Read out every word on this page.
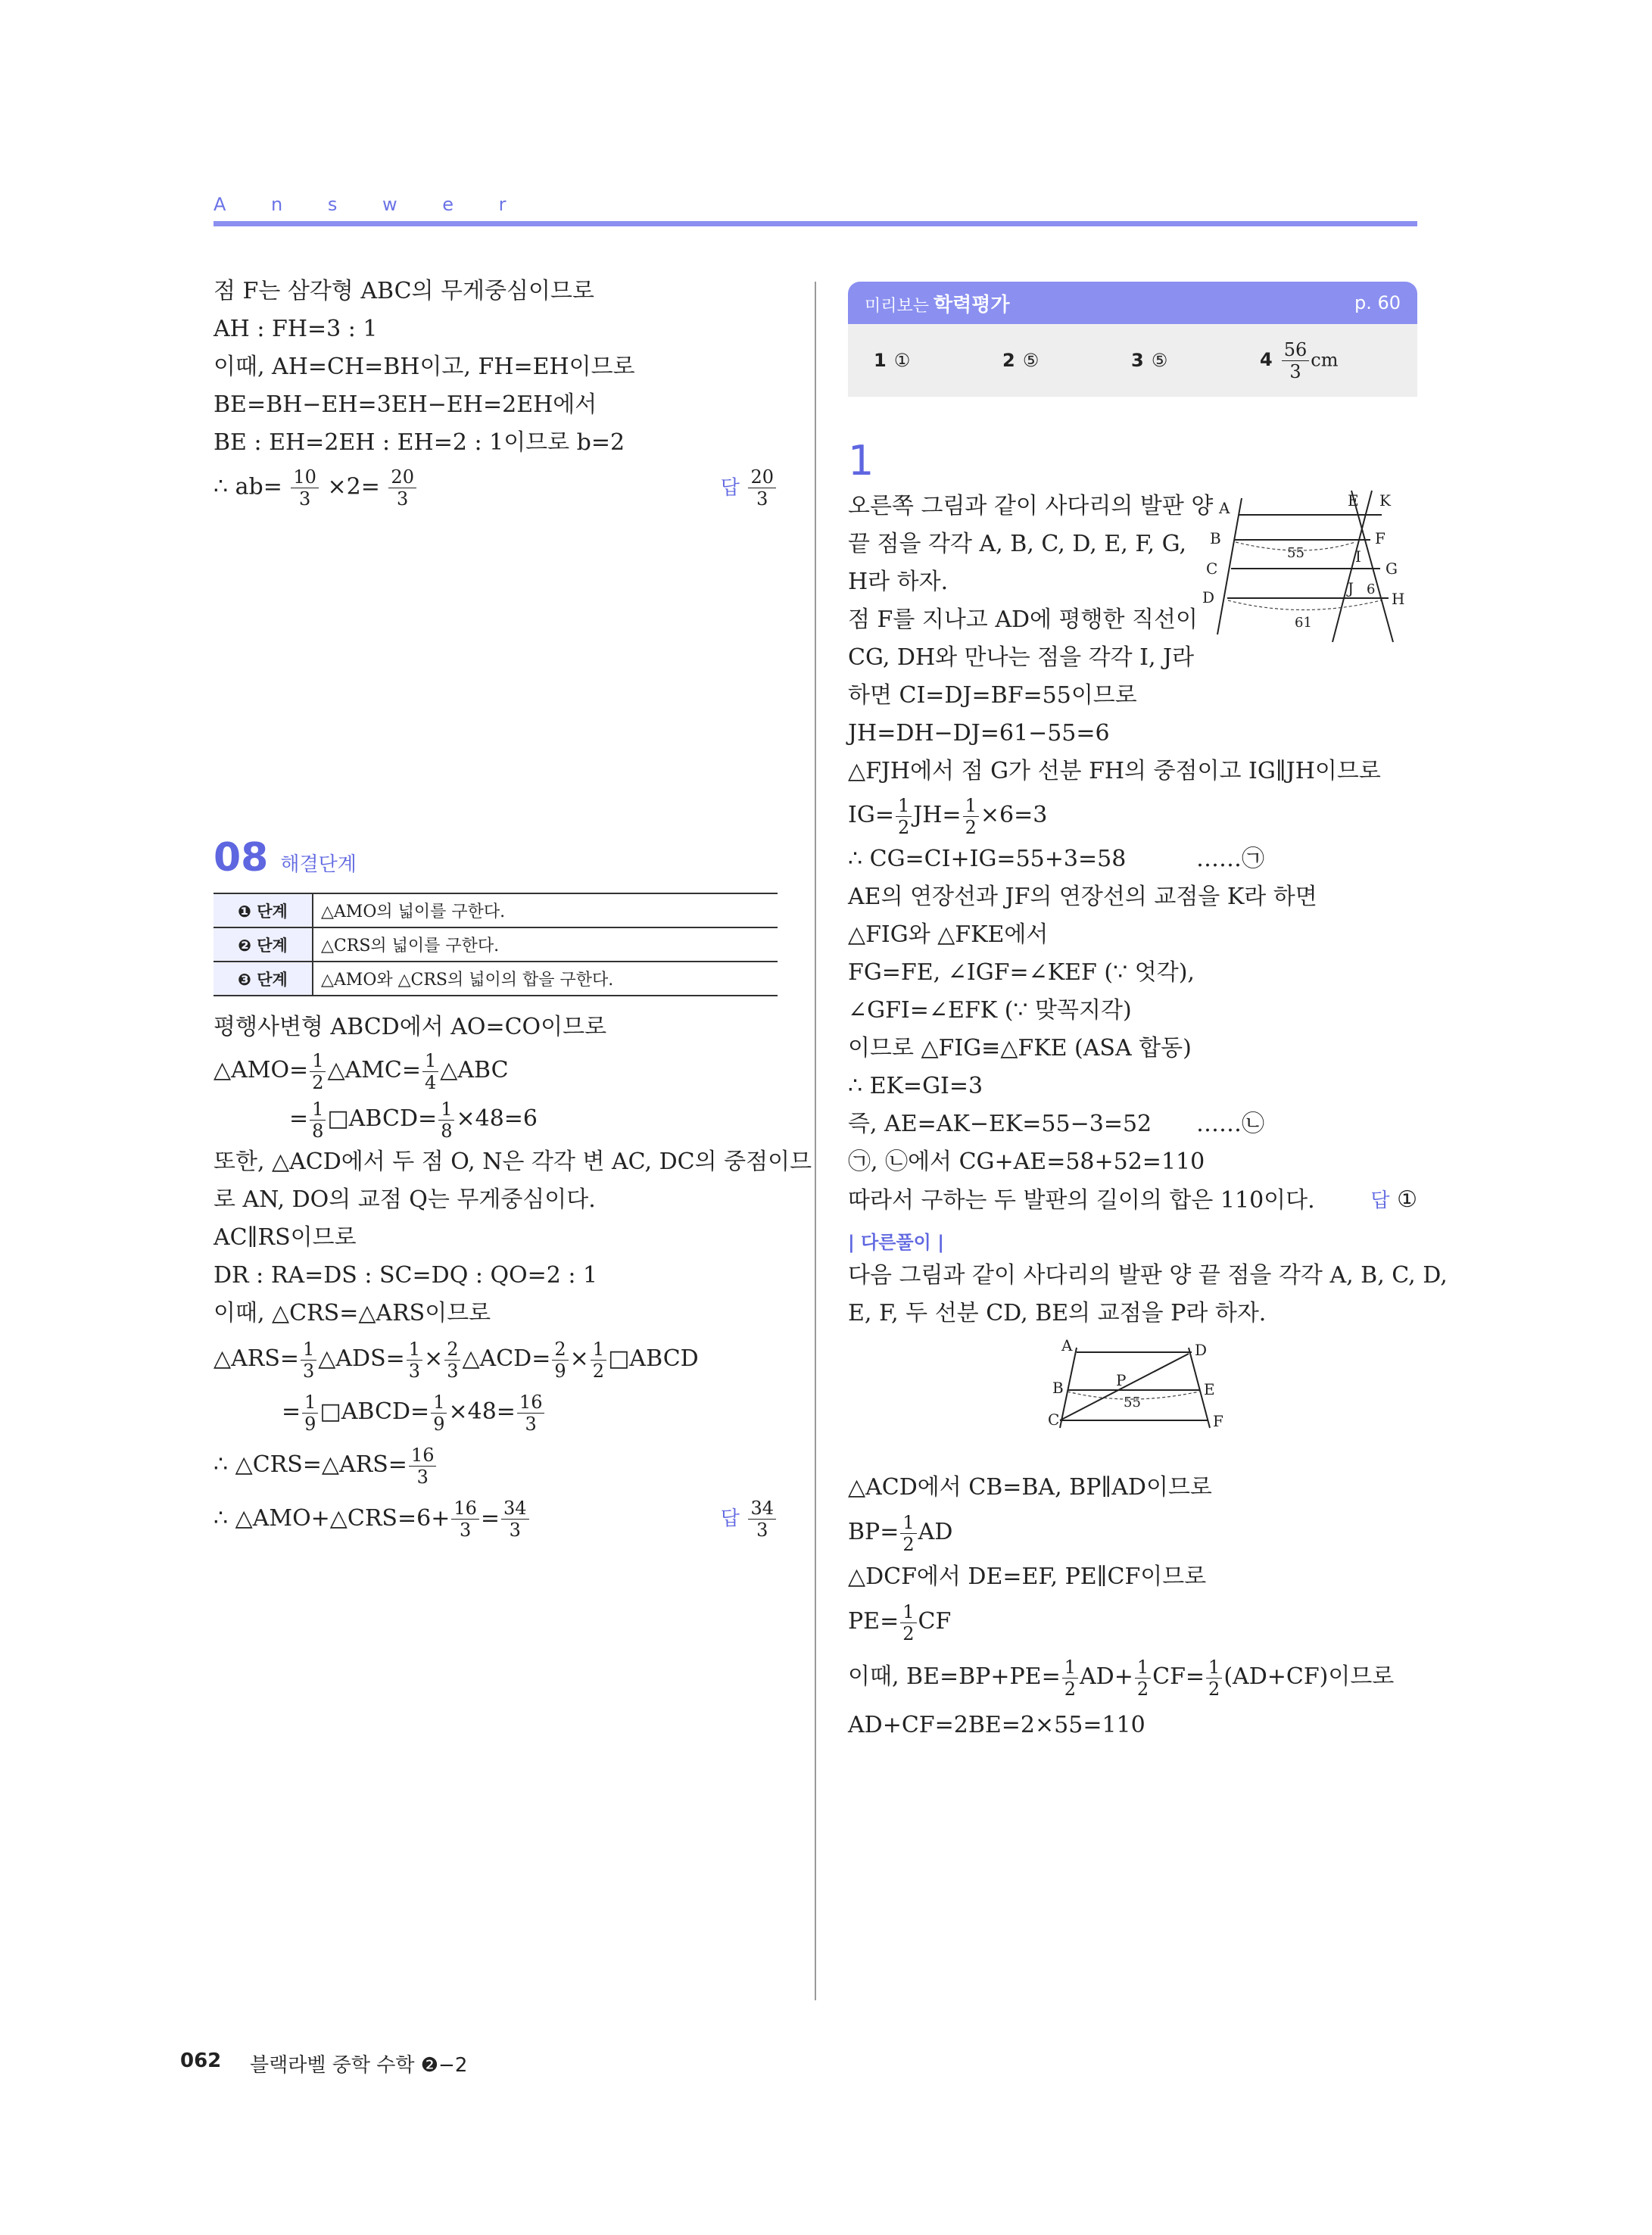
A n s w e r
점 F는 삼각형 ABC의 무게중심이므로
AH : FH=3 : 1
이때, AH=CH=BH이고, FH=EH이므로
BE=BH−EH=3EH−EH=2EH에서
BE : EH=2EH : EH=2 : 1이므로 b=2
∴ $ab= \frac{10}{3} \times 2= \frac{20}{3}$	답 $\frac{20}{3}$
08 해결단계
❶ 단계	△AMO의 넓이를 구한다.
❷ 단계	△CRS의 넓이를 구한다.
❸ 단계	△AMO와 △CRS의 넓이의 합을 구한다.
평행사변형 ABCD에서 AO=CO이므로
△AMO= $\frac{1}{2}$ △AMC= $\frac{1}{4}$ △ABC
= $\frac{1}{8}$ □ABCD= $\frac{1}{8} \times 48=6$
또한, △ACD에서 두 점 O, N은 각각 변 AC, DC의 중점이므
로 AN, DO의 교점 Q는 무게중심이다.
AC∥RS이므로
DR : RA=DS : SC=DQ : QO=2 : 1
이때, △CRS=△ARS이므로
△ARS= $\frac{1}{3}$ △ADS= $\frac{1}{3} \times \frac{2}{3}$ △ACD= $\frac{2}{9} \times \frac{1}{2}$ □ABCD
= $\frac{1}{9}$ □ABCD= $\frac{1}{9} \times 48= \frac{16}{3}$
∴ △CRS=△ARS= $\frac{16}{3}$
∴ △AMO+△CRS=6+ $\frac{16}{3} = \frac{34}{3}$	답 $\frac{34}{3}$
미리보는 학력평가	p. 60
1 ①	2 ⑤	3 ⑤	$4 \frac{56}{3}$ cm
1
A
B
C
D
E K
F
I
G
J
H
55
6
61
오른쪽 그림과 같이 사다리의 발판 양
끝 점을 각각 A, B, C, D, E, F, G,
H라 하자.
점 F를 지나고 AD에 평행한 직선이
CG, DH와 만나는 점을 각각 I, J라
하면 CI=DJ=BF=55이므로
JH=DH−DJ=61−55=6
△FJH에서 점 G가 선분 FH의 중점이고 IG∥JH이므로
$IG= \frac{1}{2} JH= \frac{1}{2} \times 6=3$
∴ CG=CI+IG=55+3=58	……㉠
AE의 연장선과 JF의 연장선의 교점을 K라 하면
△FIG와 △FKE에서
FG=FE, ∠IGF=∠KEF (∵ 엇각),
∠GFI=∠EFK (∵ 맞꼭지각)
이므로 △FIG≡△FKE (ASA 합동)
∴ EK=GI=3
즉, AE=AK−EK=55−3=52 ……㉡
㉠, ㉡에서 CG+AE=58+52=110
따라서 구하는 두 발판의 길이의 합은 110이다.	답 ①
| 다른풀이 |
다음 그림과 같이 사다리의 발판 양 끝 점을 각각 A, B, C, D,
E, F, 두 선분 CD, BE의 교점을 P라 하자.
A
B
C
D
E
F
P
55
△ACD에서 CB=BA, BP∥AD이므로
$BP= \frac{1}{2}$ AD
△DCF에서 DE=EF, PE∥CF이므로
$PE= \frac{1}{2}$ CF
이때, $BE=BP+PE= \frac{1}{2} AD+ \frac{1}{2} CF= \frac{1}{2} (AD+CF)$이므로
AD+CF=2BE=2×55=110
062 블랙라벨 중학 수학 ❷−2
